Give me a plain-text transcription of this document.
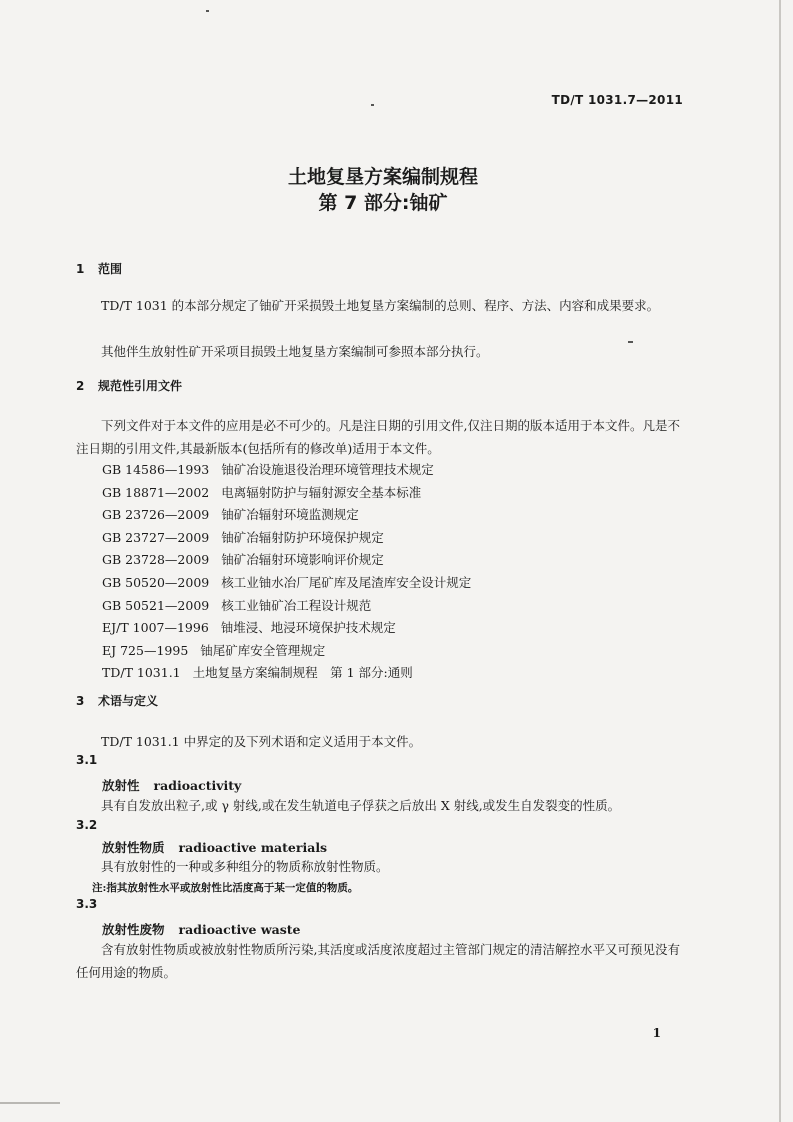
TD/T 1031.7—2011
土地复垦方案编制规程
第 7 部分:铀矿
1 范围
TD/T 1031 的本部分规定了铀矿开采损毁土地复垦方案编制的总则、程序、方法、内容和成果要求。
其他伴生放射性矿开采项目损毁土地复垦方案编制可参照本部分执行。
2 规范性引用文件
下列文件对于本文件的应用是必不可少的。凡是注日期的引用文件,仅注日期的版本适用于本文件。凡是不注日期的引用文件,其最新版本(包括所有的修改单)适用于本文件。
GB 14586—1993 铀矿冶设施退役治理环境管理技术规定
GB 18871—2002 电离辐射防护与辐射源安全基本标准
GB 23726—2009 铀矿冶辐射环境监测规定
GB 23727—2009 铀矿冶辐射防护环境保护规定
GB 23728—2009 铀矿冶辐射环境影响评价规定
GB 50520—2009 核工业铀水冶厂尾矿库及尾渣库安全设计规定
GB 50521—2009 核工业铀矿冶工程设计规范
EJ/T 1007—1996 铀堆浸、地浸环境保护技术规定
EJ 725—1995 铀尾矿库安全管理规定
TD/T 1031.1 土地复垦方案编制规程　第 1 部分:通则
3 术语与定义
TD/T 1031.1 中界定的及下列术语和定义适用于本文件。
3.1
放射性 radioactivity
具有自发放出粒子,或 γ 射线,或在发生轨道电子俘获之后放出 X 射线,或发生自发裂变的性质。
3.2
放射性物质 radioactive materials
具有放射性的一种或多种组分的物质称放射性物质。
注:指其放射性水平或放射性比活度高于某一定值的物质。
3.3
放射性废物 radioactive waste
含有放射性物质或被放射性物质所污染,其活度或活度浓度超过主管部门规定的清洁解控水平又可预见没有任何用途的物质。
1
